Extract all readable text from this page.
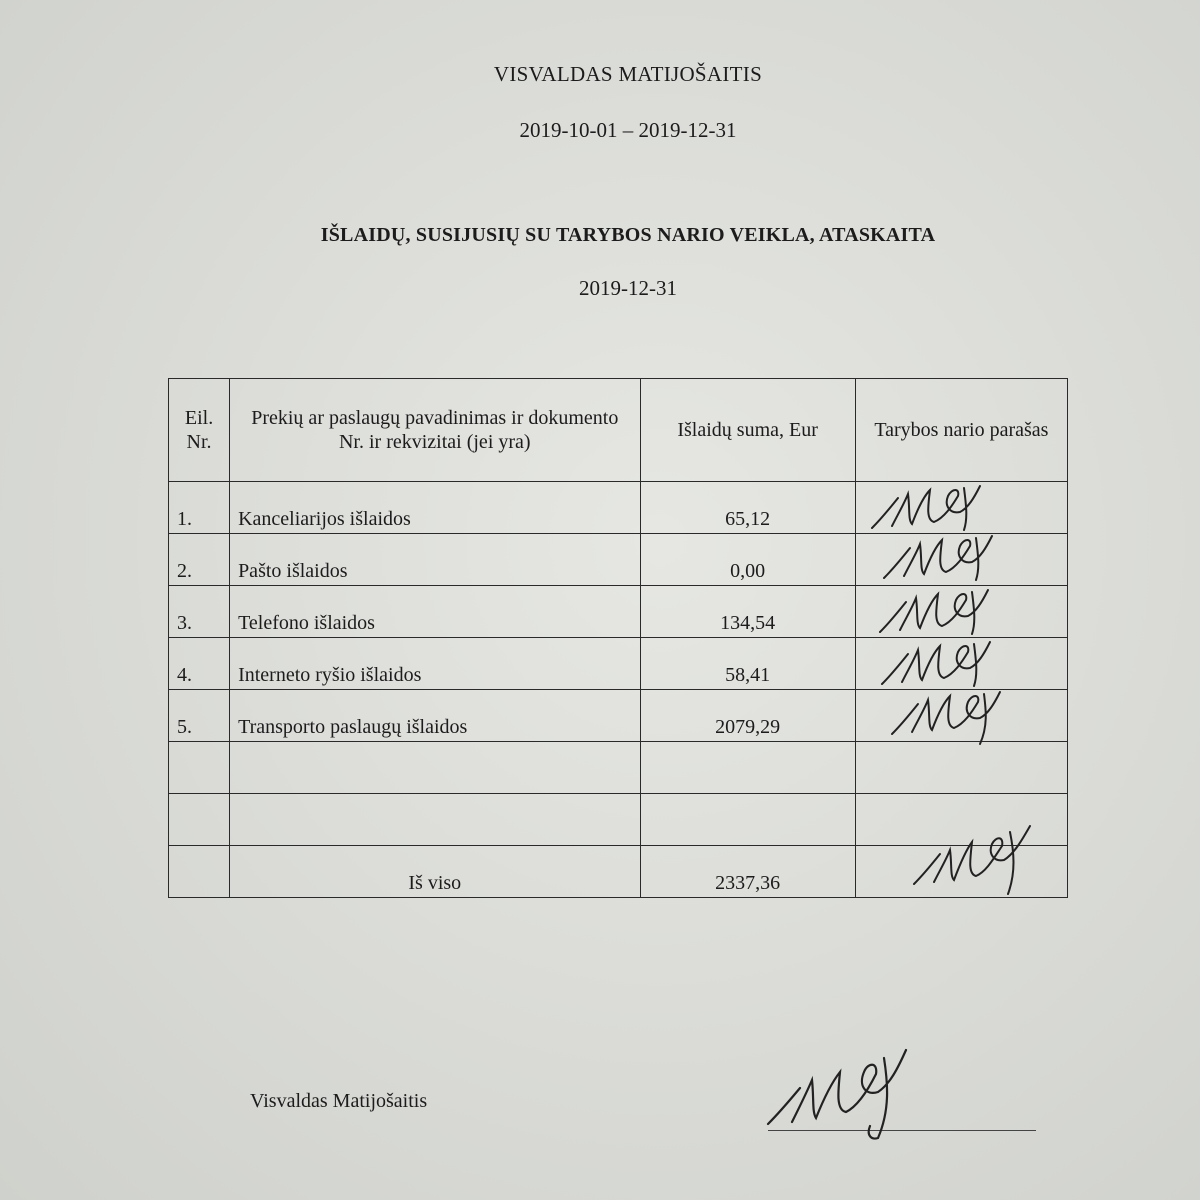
VISVALDAS MATIJOŠAITIS
2019-10-01 – 2019-12-31
IŠLAIDŲ, SUSIJUSIŲ SU TARYBOS NARIO VEIKLA, ATASKAITA
2019-12-31
Eil. Nr.	Prekių ar paslaugų pavadinimas ir dokumento Nr. ir rekvizitai (jei yra)	Išlaidų suma, Eur	Tarybos nario parašas
1.	Kanceliarijos išlaidos	65,12	
2.	Pašto išlaidos	0,00	
3.	Telefono išlaidos	134,54	
4.	Interneto ryšio išlaidos	58,41	
5.	Transporto paslaugų išlaidos	2079,29	

	Iš viso	2337,36	
Visvaldas Matijošaitis
